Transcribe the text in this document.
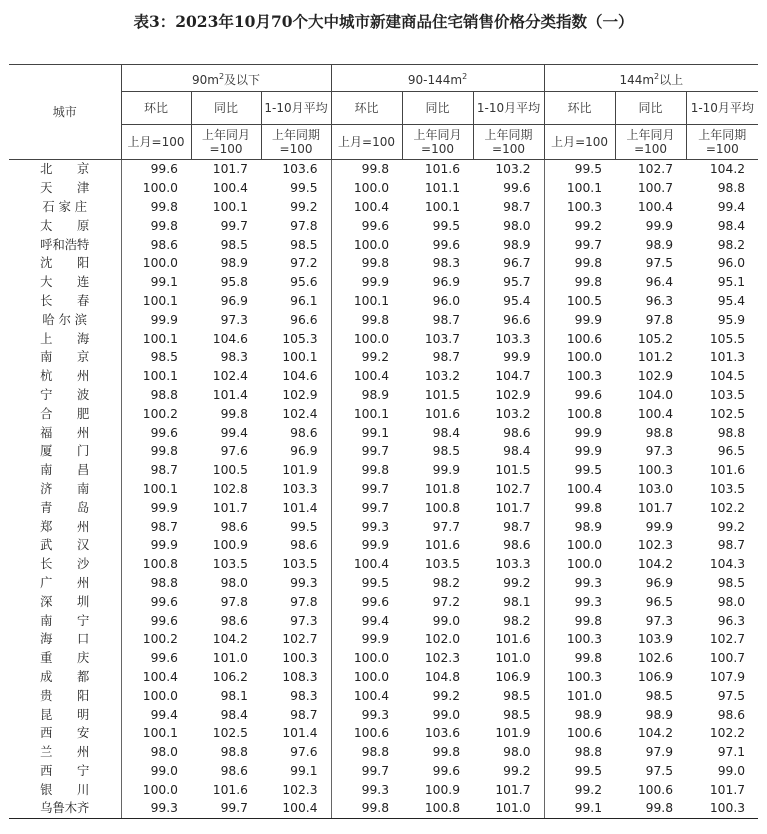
表3：2023年10月70个大中城市新建商品住宅销售价格分类指数（一）
城市	$90m^2$及以下			$90-144m^2$			$144m^2$以上		
	环比	同比	1-10月平均	环比	同比	1-10月平均	环比	同比	1-10月平均
	上月=100	上年同月=100	上年同期=100	上月=100	上年同月=100	上年同期=100	上月=100	上年同月=100	上年同期=100
北　　京	99.6	101.7	103.6	99.8	101.6	103.2	99.5	102.7	104.2
天　　津	100.0	100.4	99.5	100.0	101.1	99.6	100.1	100.7	98.8
石 家 庄	99.8	100.1	99.2	100.4	100.1	98.7	100.3	100.4	99.4
太　　原	99.8	99.7	97.8	99.6	99.5	98.0	99.2	99.9	98.4
呼和浩特	98.6	98.5	98.5	100.0	99.6	98.9	99.7	98.9	98.2
沈　　阳	100.0	98.9	97.2	99.8	98.3	96.7	99.8	97.5	96.0
大　　连	99.1	95.8	95.6	99.9	96.9	95.7	99.8	96.4	95.1
长　　春	100.1	96.9	96.1	100.1	96.0	95.4	100.5	96.3	95.4
哈 尔 滨	99.9	97.3	96.6	99.8	98.7	96.6	99.9	97.8	95.9
上　　海	100.1	104.6	105.3	100.0	103.7	103.3	100.6	105.2	105.5
南　　京	98.5	98.3	100.1	99.2	98.7	99.9	100.0	101.2	101.3
杭　　州	100.1	102.4	104.6	100.4	103.2	104.7	100.3	102.9	104.5
宁　　波	98.8	101.4	102.9	98.9	101.5	102.9	99.6	104.0	103.5
合　　肥	100.2	99.8	102.4	100.1	101.6	103.2	100.8	100.4	102.5
福　　州	99.6	99.4	98.6	99.1	98.4	98.6	99.9	98.8	98.8
厦　　门	99.8	97.6	96.9	99.7	98.5	98.4	99.9	97.3	96.5
南　　昌	98.7	100.5	101.9	99.8	99.9	101.5	99.5	100.3	101.6
济　　南	100.1	102.8	103.3	99.7	101.8	102.7	100.4	103.0	103.5
青　　岛	99.9	101.7	101.4	99.7	100.8	101.7	99.8	101.7	102.2
郑　　州	98.7	98.6	99.5	99.3	97.7	98.7	98.9	99.9	99.2
武　　汉	99.9	100.9	98.6	99.9	101.6	98.6	100.0	102.3	98.7
长　　沙	100.8	103.5	103.5	100.4	103.5	103.3	100.0	104.2	104.3
广　　州	98.8	98.0	99.3	99.5	98.2	99.2	99.3	96.9	98.5
深　　圳	99.6	97.8	97.8	99.6	97.2	98.1	99.3	96.5	98.0
南　　宁	99.6	98.6	97.3	99.4	99.0	98.2	99.8	97.3	96.3
海　　口	100.2	104.2	102.7	99.9	102.0	101.6	100.3	103.9	102.7
重　　庆	99.6	101.0	100.3	100.0	102.3	101.0	99.8	102.6	100.7
成　　都	100.4	106.2	108.3	100.0	104.8	106.9	100.3	106.9	107.9
贵　　阳	100.0	98.1	98.3	100.4	99.2	98.5	101.0	98.5	97.5
昆　　明	99.4	98.4	98.7	99.3	99.0	98.5	98.9	98.9	98.6
西　　安	100.1	102.5	101.4	100.6	103.6	101.9	100.6	104.2	102.2
兰　　州	98.0	98.8	97.6	98.8	99.8	98.0	98.8	97.9	97.1
西　　宁	99.0	98.6	99.1	99.7	99.6	99.2	99.5	97.5	99.0
银　　川	100.0	101.6	102.3	99.3	100.9	101.7	99.2	100.6	101.7
乌鲁木齐	99.3	99.7	100.4	99.8	100.8	101.0	99.1	99.8	100.3
